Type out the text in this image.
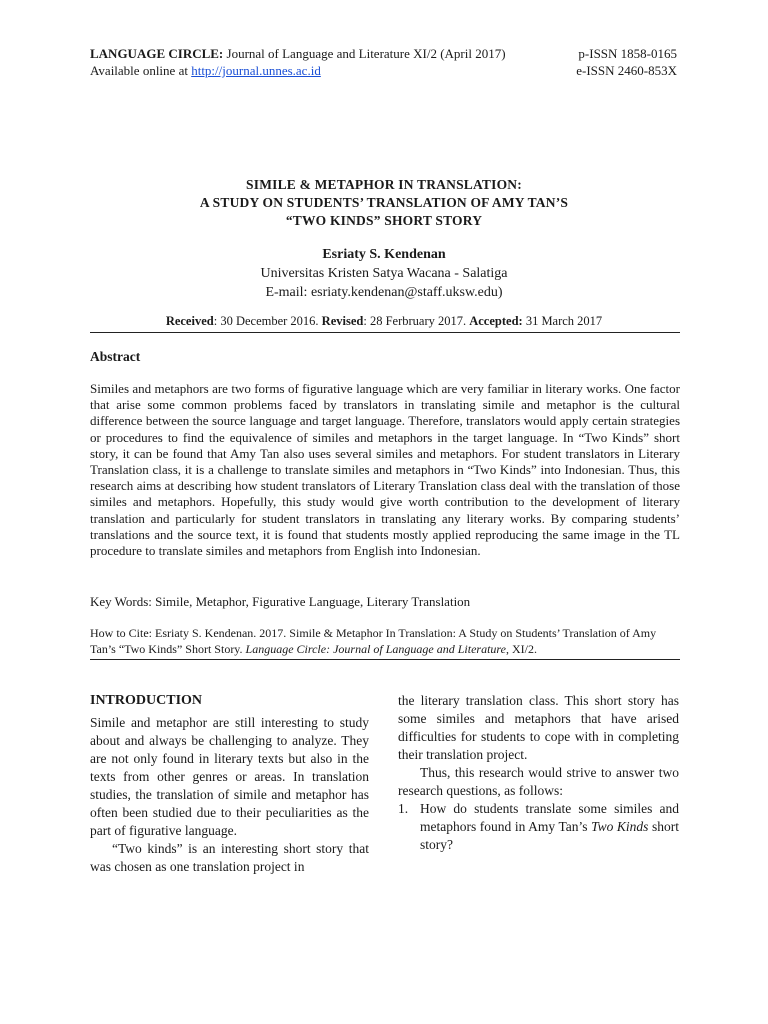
LANGUAGE CIRCLE: Journal of Language and Literature XI/2 (April 2017)
Available online at http://journal.unnes.ac.id
p-ISSN 1858-0165
e-ISSN 2460-853X
SIMILE & METAPHOR IN TRANSLATION:
A STUDY ON STUDENTS’ TRANSLATION OF AMY TAN’S
“TWO KINDS” SHORT STORY
Esriaty S. Kendenan
Universitas Kristen Satya Wacana - Salatiga
E-mail: esriaty.kendenan@staff.uksw.edu)
Received: 30 December 2016. Revised: 28 Ferbruary 2017. Accepted: 31 March 2017
Abstract

Similes and metaphors are two forms of figurative language which are very familiar in literary works. One factor that arise some common problems faced by translators in translating simile and metaphor is the cultural difference between the source language and target language. Therefore, translators would apply certain strategies or procedures to find the equivalence of similes and metaphors in the target language. In “Two Kinds” short story, it can be found that Amy Tan also uses several similes and metaphors. For student translators in Literary Translation class, it is a challenge to translate similes and metaphors in “Two Kinds” into Indonesian. Thus, this research aims at describing how student translators of Literary Translation class deal with the translation of those similes and metaphors. Hopefully, this study would give worth contribution to the development of literary translation and particularly for student translators in translating any literary works. By comparing students’ translations and the source text, it is found that students mostly applied reproducing the same image in the TL procedure to translate similes and metaphors from English into Indonesian.

Key Words: Simile, Metaphor, Figurative Language, Literary Translation
How to Cite: Esriaty S. Kendenan. 2017. Simile & Metaphor In Translation: A Study on Students’ Translation of Amy Tan’s “Two Kinds” Short Story. Language Circle: Journal of Language and Literature, XI/2.
INTRODUCTION

Simile and metaphor are still interesting to study about and always be challenging to analyze. They are not only found in literary texts but also in the texts from other genres or areas. In translation studies, the translation of simile and metaphor has often been studied due to their peculiarities as the part of figurative language.

“Two kinds” is an interesting short story that was chosen as one translation project in

the literary translation class. This short story has some similes and metaphors that have arised difficulties for students to cope with in completing their translation project.

Thus, this research would strive to answer two research questions, as follows:

1. How do students translate some similes and metaphors found in Amy Tan’s Two Kinds short story?
